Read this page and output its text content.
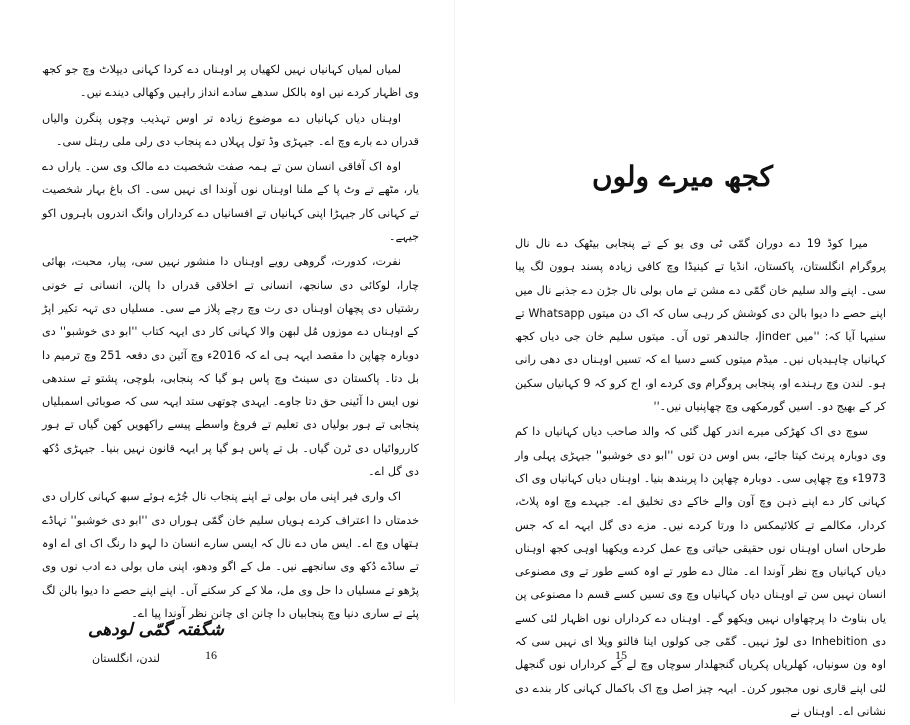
لمیاں لمیاں کہانیاں نہیں لکھیاں پر اوہناں دے کردا کہانی دیپلاٹ وچ جو کجھ وی اظہار کردے نیں اوہ بالکل سدھے سادے انداز راہیں وکھالی دیندے نیں۔

اوہناں دیاں کہانیاں دے موضوع زیادہ تر اوس تہذیب وچوں پنگرن والیاں قدراں دے بارے وچ اے۔ جیہڑی وڈ تول پہلاں دے پنجاب دی رلی ملی رہتل سی۔

اوہ اک آفاقی انسان سن تے ہمہ صفت شخصیت دے مالک وی سن۔ یاراں دے یار، مٹھے تے وٹ پا کے ملنا اوہناں نوں آوندا ای نہیں سی۔ اک باغ بہار شخصیت تے کہانی کار جیہڑا اپنی کہانیاں تے افسانیاں دے کرداراں وانگ اندروں باہروں اکو جیہے۔

نفرت، کدورت، گروھی رویے اوہناں دا منشور نہیں سی، پیار، محبت، بھائی چارا، لوکائی دی سانجھ، انسانی تے اخلاقی قدراں دا پالن، انسانی تے خونی رشتیاں دی پچھان اوہناں دی رت وچ رچے پلاز مے سی۔ مسلیاں دی تہہ تکیر اپڑ کے اوہناں دے موزوں مُل لبھن والا کہانی کار دی ایہہ کتاب ''ابو دی خوشبو'' دی دوبارہ چھاپن دا مقصد ایہہ ہی اے کہ 2016ء وچ آئین دی دفعہ 251 وچ ترمیم دا بل دتا۔ پاکستان دی سینٹ وچ پاس ہو گیا کہ پنجابی، بلوچی، پشتو تے سندھی نوں ایس دا آئینی حق دتا جاوے۔ ایہدی چوتھی ستد ایہہ سی کہ صوبائی اسمبلیاں پنجابی تے ہور بولیاں دی تعلیم تے فروغ واسطے پیسے راکھویں کھن گیاں تے ہور کارروائیاں دی ٹرن گیاں۔ بل تے پاس ہو گیا پر ایہہ قانون نہیں بنیا۔ جیہڑی دُکھ دی گل اے۔

اک واری فیر اپنی ماں بولی تے اپنے پنجاب نال جُڑے ہوئے سبھ کہانی کاراں دی خدمتاں دا اعتراف کردے ہویاں سلیم خان گمّی ہوراں دی ''ابو دی خوشبو'' تہاڈے ہتھاں وچ اے۔ ایس ماں دے نال کہ ایسں سارے انسان دا لہو دا رنگ اک ای اے اوہ تے ساڈے دُکھ وی سانجھے نیں۔ مل کے اگو ودھو، اپنی ماں بولی دے ادب نوں وی پڑھو تے مسلیاں دا حل وی مل، ملا کے کر سکنے آں۔ اپنے اپنے حصے دا دیوا بالن لگ پئے تے ساری دنیا وچ پنجابیاں دا چانن ای چانن نظر آوندا پیا اے۔

شگفتہ گمّی لودھی
لندن، انگلستان	16
کجھ میرے ولوں

میرا کوڈ 19 دے دوران گمّی ٹی وی یو کے تے پنجابی بیٹھک دے نال نال پروگرام انگلستان، پاکستان، انڈیا تے کینیڈا وچ کافی زیادہ پسند ہوون لگ پیا سی۔ اپنے والد سلیم خان گمّی دے مشن تے ماں بولی نال جڑن دے جذبے نال میں اپنے حصے دا دیوا بالن دی کوشش کر رہی ساں کہ اک دن میتوں Whatsapp تے سنیہا آیا کہ: ''میں Jinder، جالندھر توں آں۔ میتوں سلیم خان جی دیاں کجھ کہانیاں چاہیدیاں نیں۔ میڈم میتوں کسے دسیا اے کہ تسیں اوہناں دی دھی رانی ہو۔ لندن وچ رہندے او، پنجابی پروگرام وی کردے او، اج کرو کہ 9 کہانیاں سکین کر کے بھیج دو۔ اسیں گورمکھی وچ چھاپنیاں نیں۔''

سوچ دی اک کھڑکی میرے اندر کھل گئی کہ والد صاحب دیاں کہانیاں دا کم وی دوبارہ پرنٹ کیتا جائے، بس اوس دن توں ''ابو دی خوشبو'' جیہڑی پہلی وار 1973ء وچ چھاپی سی۔ دوبارہ چھاپن دا پربندھ بنیا۔ اوہناں دیاں کہانیاں وی اک کہانی کار دے اپنے ذہن وچ آون والے خاکے دی تخلیق اے۔ جیہدے وچ اوہ پلاٹ، کردار، مکالمے تے کلائیمکس دا ورتا کردے نیں۔ مزے دی گل ایہہ اے کہ جس طرحاں اساں اوہناں نوں حقیقی حیاتی وچ عمل کردے ویکھیا اوہی کجھ اوہناں دیاں کہانیاں وچ نظر آوندا اے۔ مثال دے طور تے اوہ کسے طور تے وی مصنوعی انسان نہیں سن تے اوہناں دیاں کہانیاں وچ وی تسیں کسے قسم دا مصنوعی پن یاں بناوٹ دا پرچھاواں نہیں ویکھو گے۔ اوہناں دے کرداراں نوں اظہار لئی کسے دی Inhebition دی لوڑ نہیں۔ گمّی جی کولوں اینا فالتو ویلا ای نہیں سی کہ اوہ ون سونیاں، کھلریاں پکریاں گنجھلدار سوچاں وچ لے کے کرداراں نوں گنجھل لئی اپنے قاری نوں مجبور کرن۔ ایہہ چیز اصل وچ اک باکمال کہانی کار بندے دی نشانی اے۔ اوہناں نے

15
